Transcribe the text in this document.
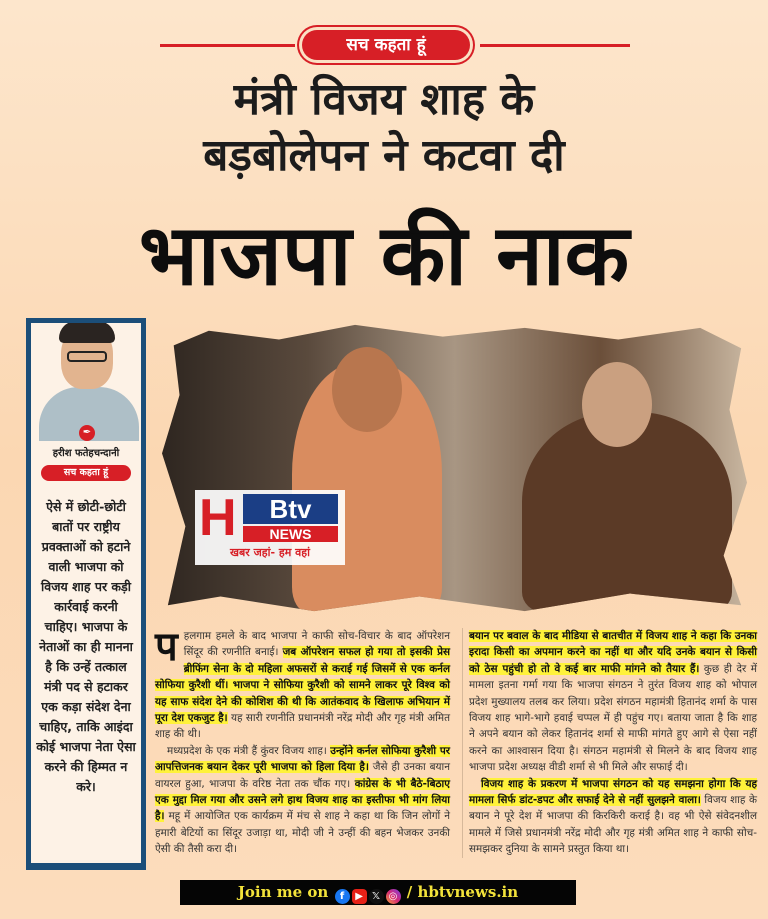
सच कहता हूं
मंत्री विजय शाह के
बड़बोलेपन ने कटवा दी
भाजपा की नाक
✒
हरीश फतेहचन्दानी
सच कहता हूं
ऐसे में छोटी-छोटी बातों पर राष्ट्रीय प्रवक्ताओं को हटाने वाली भाजपा को विजय शाह पर कड़ी कार्रवाई करनी चाहिए। भाजपा के नेताओं का ही मानना है कि उन्हें तत्काल मंत्री पद से हटाकर एक कड़ा संदेश देना चाहिए, ताकि आइंदा कोई भाजपा नेता ऐसा करने की हिम्मत न करे।
H	Btv
NEWS
खबर जहां- हम वहां

पहलगाम हमले के बाद भाजपा ने काफी सोच-विचार के बाद ऑपरेशन सिंदूर की रणनीति बनाई। जब ऑपरेशन सफल हो गया तो इसकी प्रेस ब्रीफिंग सेना के दो महिला अफसरों से कराई गई जिसमें से एक कर्नल सोफिया कुरैशी थीं। भाजपा ने सोफिया कुरैशी को सामने लाकर पूरे विश्व को यह साफ संदेश देने की कोशिश की थी कि आतंकवाद के खिलाफ अभियान में पूरा देश एकजुट है। यह सारी रणनीति प्रधानमंत्री नरेंद्र मोदी और गृह मंत्री अमित शाह की थी।

मध्यप्रदेश के एक मंत्री हैं कुंवर विजय शाह। उन्होंने कर्नल सोफिया कुरैशी पर आपत्तिजनक बयान देकर पूरी भाजपा को हिला दिया है। जैसे ही उनका बयान वायरल हुआ, भाजपा के वरिष्ठ नेता तक चौंक गए। कांग्रेस के भी बैठे-बिठाए एक मुद्दा मिल गया और उसने लगे हाथ विजय शाह का इस्तीफा भी मांग लिया है। महू में आयोजित एक कार्यक्रम में मंच से शाह ने कहा था कि जिन लोगों ने हमारी बेटियों का सिंदूर उजाड़ा था, मोदी जी ने उन्हीं की बहन भेजकर उनकी ऐसी की तैसी करा दी।

बयान पर बवाल के बाद मीडिया से बातचीत में विजय शाह ने कहा कि उनका इरादा किसी का अपमान करने का नहीं था और यदि उनके बयान से किसी को ठेस पहुंची हो तो वे कई बार माफी मांगने को तैयार हैं। कुछ ही देर में मामला इतना गर्मा गया कि भाजपा संगठन ने तुरंत विजय शाह को भोपाल प्रदेश मुख्यालय तलब कर लिया। प्रदेश संगठन महामंत्री हितानंद शर्मा के पास विजय शाह भागे-भागे हवाई चप्पल में ही पहुंच गए। बताया जाता है कि शाह ने अपने बयान को लेकर हितानंद शर्मा से माफी मांगते हुए आगे से ऐसा नहीं करने का आश्वासन दिया है। संगठन महामंत्री से मिलने के बाद विजय शाह भाजपा प्रदेश अध्यक्ष वीडी शर्मा से भी मिले और सफाई दी।

विजय शाह के प्रकरण में भाजपा संगठन को यह समझना होगा कि यह मामला सिर्फ डांट-डपट और सफाई देने से नहीं सुलझने वाला। विजय शाह के बयान ने पूरे देश में भाजपा की किरकिरी कराई है। वह भी ऐसे संवेदनशील मामले में जिसे प्रधानमंत्री नरेंद्र मोदी और गृह मंत्री अमित शाह ने काफी सोच-समझकर दुनिया के सामने प्रस्तुत किया था।

Join me on f ▶ 𝕏 ◎ / hbtvnews.in
